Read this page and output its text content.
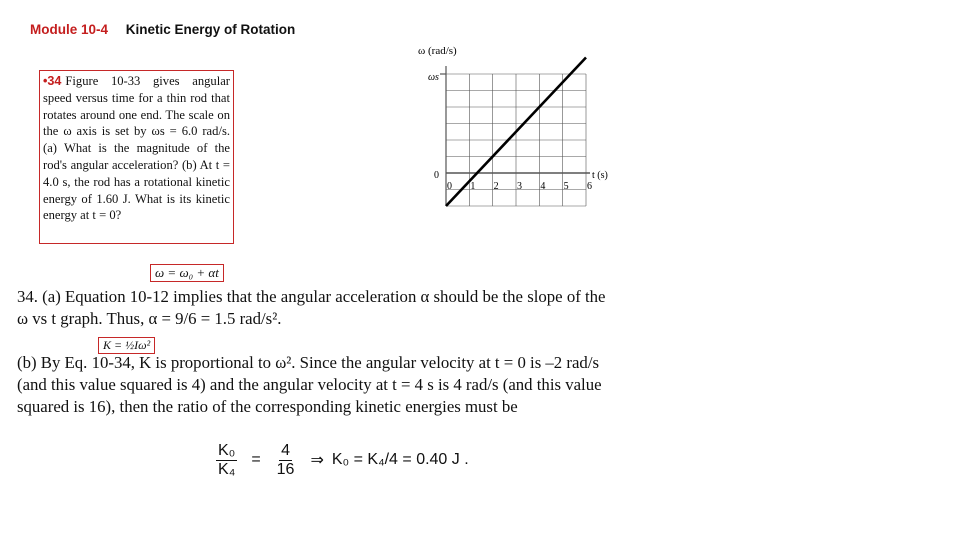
Module 10-4 Kinetic Energy of Rotation
•34 Figure 10-33 gives angular speed versus time for a thin rod that rotates around one end. The scale on the ω axis is set by ωs = 6.0 rad/s. (a) What is the magnitude of the rod's angular acceleration? (b) At t = 4.0 s, the rod has a rotational kinetic energy of 1.60 J. What is its kinetic energy at t = 0?
ω (rad/s)
ωs
0	t (s)
0 1 2 3 4 5 6
ω = ω₀ + αt
K = ½Iω²
34. (a) Equation 10-12 implies that the angular acceleration α should be the slope of the
ω vs t graph. Thus, α = 9/6 = 1.5 rad/s².
(b) By Eq. 10-34, K is proportional to ω². Since the angular velocity at t = 0 is –2 rad/s
(and this value squared is 4) and the angular velocity at t = 4 s is 4 rad/s (and this value
squared is 16), then the ratio of the corresponding kinetic energies must be
$\frac{\text{K₀}}{\text{K₄}} = \frac{4}{16}$ ⇒ K₀ = K₄/4 = 0.40 J .
